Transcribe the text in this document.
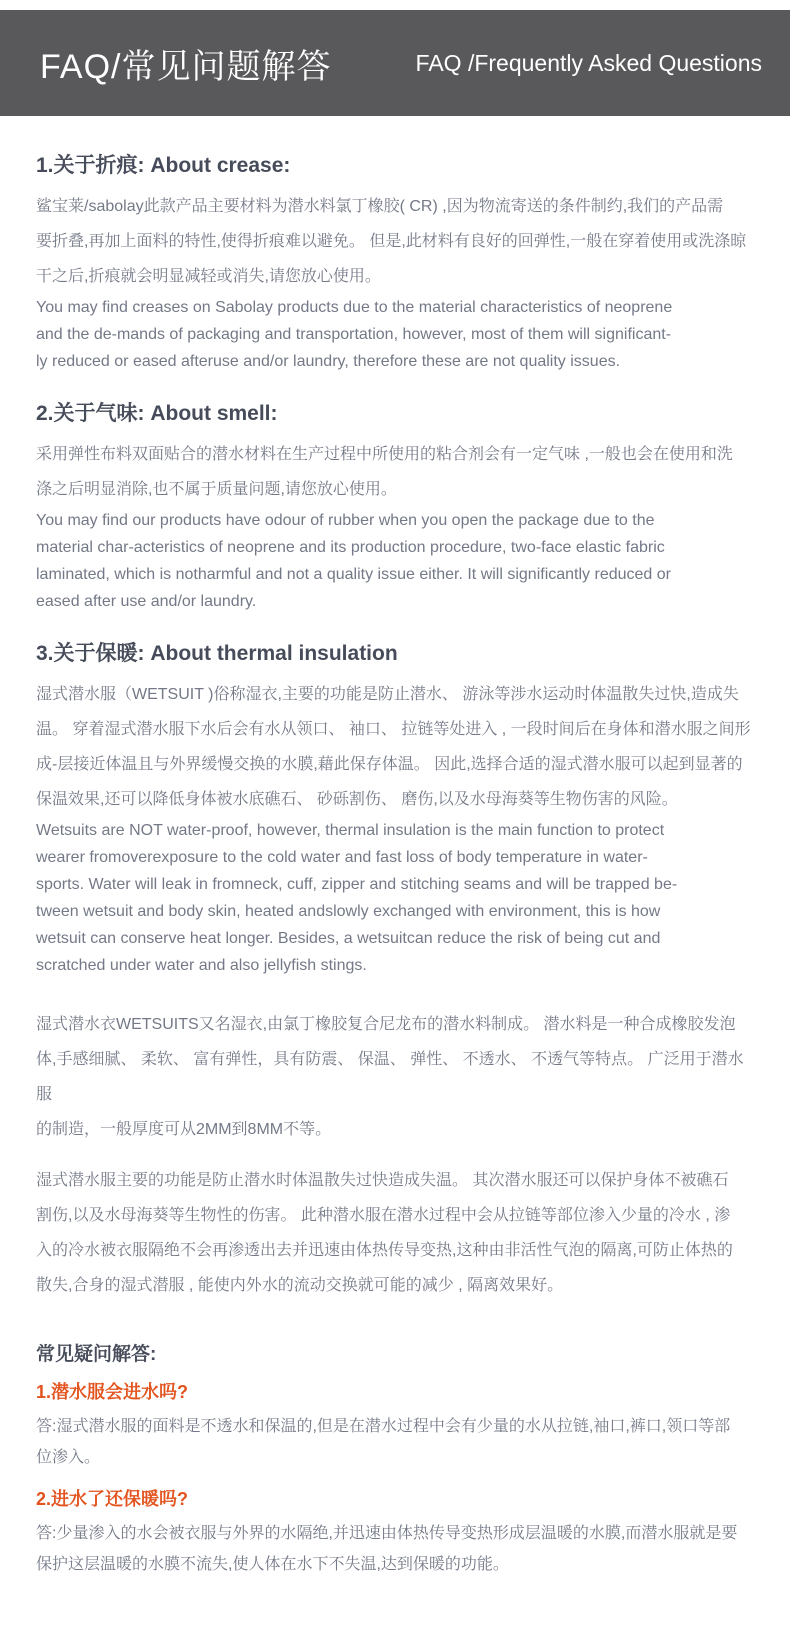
FAQ/常见问题解答	FAQ /Frequently Asked Questions
1.关于折痕: About crease:
鲨宝莱/sabolay此款产品主要材料为潜水料氯丁橡胶( CR) ,因为物流寄送的条件制约,我们的产品需
要折叠,再加上面料的特性,使得折痕难以避免。 但是,此材料有良好的回弹性,一般在穿着使用或洗涤晾
干之后,折痕就会明显减轻或消失,请您放心使用。
You may find creases on Sabolay products due to the material characteristics of neoprene
and the de-mands of packaging and transportation, however, most of them will significant-
ly reduced or eased afteruse and/or laundry, therefore these are not quality issues.
2.关于气味: About smell:
采用弹性布料双面贴合的潜水材料在生产过程中所使用的粘合剂会有一定气味 ,一般也会在使用和洗
涤之后明显消除,也不属于质量问题,请您放心使用。
You may find our products have odour of rubber when you open the package due to the
material char-acteristics of neoprene and its production procedure, two-face elastic fabric
laminated, which is notharmful and not a quality issue either. It will significantly reduced or
eased after use and/or laundry.
3.关于保暖: About thermal insulation
湿式潜水服（WETSUIT )俗称湿衣,主要的功能是防止潜水、 游泳等涉水运动时体温散失过快,造成失
温。 穿着湿式潜水服下水后会有水从领口、 袖口、 拉链等处进入 , 一段时间后在身体和潜水服之间形
成-层接近体温且与外界缓慢交换的水膜,藉此保存体温。 因此,选择合适的湿式潜水服可以起到显著的
保温效果,还可以降低身体被水底礁石、 砂砾割伤、 磨伤,以及水母海葵等生物伤害的风险。
Wetsuits are NOT water-proof, however, thermal insulation is the main function to protect
wearer fromoverexposure to the cold water and fast loss of body temperature in water-
sports. Water will leak in fromneck, cuff, zipper and stitching seams and will be trapped be-
tween wetsuit and body skin, heated andslowly exchanged with environment, this is how
wetsuit can conserve heat longer. Besides, a wetsuitcan reduce the risk of being cut and
scratched under water and also jellyfish stings.
湿式潜水衣WETSUITS又名湿衣,由氯丁橡胶复合尼龙布的潜水料制成。 潜水料是一种合成橡胶发泡
体,手感细腻、 柔软、 富有弹性，具有防震、 保温、 弹性、 不透水、 不透气等特点。 广泛用于潜水服
的制造，一般厚度可从2MM到8MM不等。
湿式潜水服主要的功能是防止潜水时体温散失过快造成失温。 其次潜水服还可以保护身体不被礁石
割伤,以及水母海葵等生物性的伤害。 此种潜水服在潜水过程中会从拉链等部位渗入少量的冷水 , 渗
入的冷水被衣服隔绝不会再渗透出去并迅速由体热传导变热,这种由非活性气泡的隔离,可防止体热的
散失,合身的湿式潜服 , 能使内外水的流动交换就可能的减少 , 隔离效果好。
常见疑问解答:
1.潜水服会进水吗?
答:湿式潜水服的面料是不透水和保温的,但是在潜水过程中会有少量的水从拉链,袖口,裤口,领口等部
位渗入。
2.进水了还保暖吗?
答:少量渗入的水会被衣服与外界的水隔绝,并迅速由体热传导变热形成层温暖的水膜,而潜水服就是要
保护这层温暖的水膜不流失,使人体在水下不失温,达到保暖的功能。
